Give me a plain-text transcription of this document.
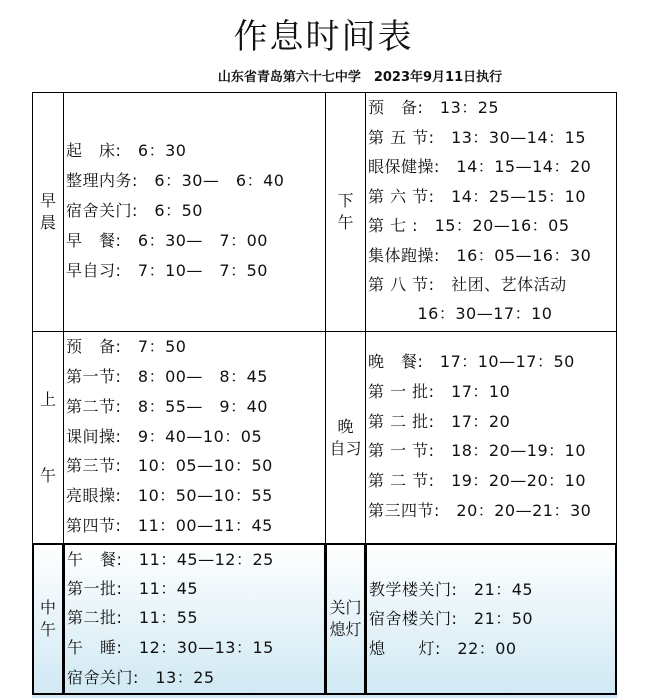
作息时间表
山东省青岛第六十七中学　2023年9月11日执行
早
晨
起　床:　6：30
整理内务:　6：30—　6：40
宿舍关门:　6：50
早　餐:　6：30—　7：00
早自习:　7：10—　7：50
下
午
预　备:　13：25
第 五 节:　13：30—14：15
眼保健操:　14：15—14：20
第 六 节:　14：25—15：10
第 七 :　15：20—16：05
集体跑操:　16：05—16：30
第 八 节:　社团、艺体活动
　　　16：30—17：10
上
午
预　备:　7：50
第一节:　8：00—　8：45
第二节:　8：55—　9：40
课间操:　9：40—10：05
第三节:　10：05—10：50
亮眼操:　10：50—10：55
第四节:　11：00—11：45
晚
自习
晚　餐:　17：10—17：50
第 一 批:　17：10
第 二 批:　17：20
第 一 节:　18：20—19：10
第 二 节:　19：20—20：10
第三四节:　20：20—21：30
中
午
午　餐:　11：45—12：25
第一批:　11：45
第二批:　11：55
午　睡:　12：30—13：15
宿舍关门:　13：25
关门
熄灯
教学楼关门:　21：45
宿舍楼关门:　21：50
熄　　灯:　22：00
